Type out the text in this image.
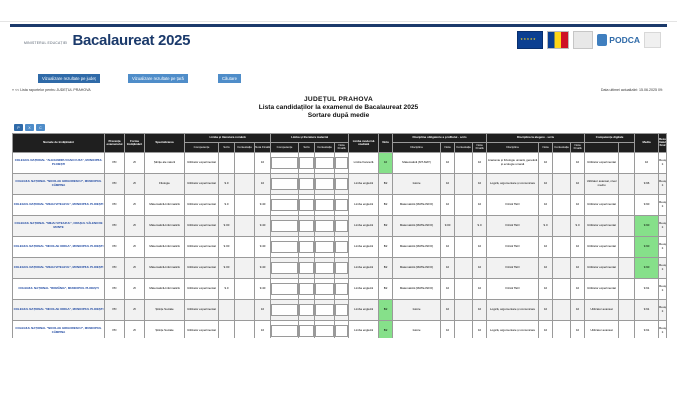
MINISTERUL EDUCAȚIEI Bacalaureat 2025 ★★★★★	PODCA
Vizualizare rezultate pe județ	Vizualizare rezultate pe țară	Căutare
« << Lista raportelor pentru JUDEȚUL PRAHOVA	Data ultimei actualizări: 15.06.2025 09:
JUDEȚUL PRAHOVA
Lista candidaților la examenul de Bacalaureat 2025
Sortare după medie
P	X	C
Numele de învățământ	Prezența examenului	Forma învățământ	Specializarea	Limba și literatura română				Limba și literatura maternă				Limba modernă studiată	Nota	Disciplina obligatorie a profilului - scris				Disciplina la alegere - scris				Competențe digitale		Media	Rezultatul final
				Competențe	Scris	Contestație	Nota Finală	Competențe	Scris	Contestație	Nota Finală			Disciplina	Nota	Contestație	Nota Finală	Disciplina	Nota	Contestație	Nota Finală				
COLEGIUL NAȚIONAL "ALEXANDRU IOAN CUZA", MUNICIPIUL PLOIEȘTI	PD	ZI	Științe ale naturii	Utilizator experimentat			10					Limba franceză	10	Matematică (MT-MAT)	10		10	Anatomie și fiziologie umană, genetică și ecologie umană	10		10	Utilizator experimentat		10	Reușit
COLEGIUL NAȚIONAL "NICOLAE GRIGORESCU", MUNICIPIUL CÂMPINA	PD	ZI	Filologie	Utilizator experimentat	9.0		10					Limba engleză	B2	Istorie	10		10	Logică, argumentare și comunicare	10		10	Utilizator avansat, nivel mediu		9.96	Reușit
COLEGIUL NAȚIONAL "MIHAI VITEAZUL", MUNICIPIUL PLOIEȘTI	PD	ZI	Matematică-Informatică	Utilizator experimentat	9.0		9.40					Limba engleză	B2	Matematică (MATE-INFO)	10		10	Fizică TEO	10		10	Utilizator experimentat		9.90	Reușit
COLEGIUL NAȚIONAL "MIHAI VITEAZUL", ORAȘUL VĂLENII DE MUNTE	PD	ZI	Matematică-Informatică	Utilizator experimentat	9.00		9.40					Limba engleză	B2	Matematică (MATE-INFO)	9.00		9.0	Fizică TEO	9.0		9.0	Utilizator experimentat		9.90	Reușit
COLEGIUL NAȚIONAL "NICOLAE IORGA", MUNICIPIUL PLOIEȘTI	PD	ZI	Matematică-Informatică	Utilizator experimentat	9.00		9.40					Limba engleză	B2	Matematică (MATE-INFO)	10		10	Fizică TEO	10		10	Utilizator experimentat		9.90	Reușit
COLEGIUL NAȚIONAL "MIHAI VITEAZUL", MUNICIPIUL PLOIEȘTI	PD	ZI	Matematică-Informatică	Utilizator experimentat	9.00		9.40					Limba engleză	B2	Matematică (MATE-INFO)	10		10	Fizică TEO	10		10	Utilizator experimentat		9.90	Reușit
COLEGIUL NAȚIONAL "ROMÂNIA", MUNICIPIUL PLOIEȘTI	PD	ZI	Matematică-Informatică	Utilizator experimentat	9.0		9.40					Limba engleză	B2	Matematică (MATE-INFO)	10		10	Fizică TEO	10		10	Utilizator experimentat		9.91	Reușit
COLEGIUL NAȚIONAL "NICOLAE IORGA", MUNICIPIUL PLOIEȘTI	PD	ZI	Științe Sociale	Utilizator experimentat			10					Limba engleză	B2	Istorie	10		10	Logică, argumentare și comunicare	10		10	Utilizator avansat		9.91	Reușit
COLEGIUL NAȚIONAL "NICOLAE GRIGORESCU", MUNICIPIUL CÂMPINA	PD	ZI	Științe Sociale	Utilizator experimentat			10					Limba engleză	B2	Istorie	10		10	Logică, argumentare și comunicare	10		10	Utilizator avansat		9.91	Reușit
